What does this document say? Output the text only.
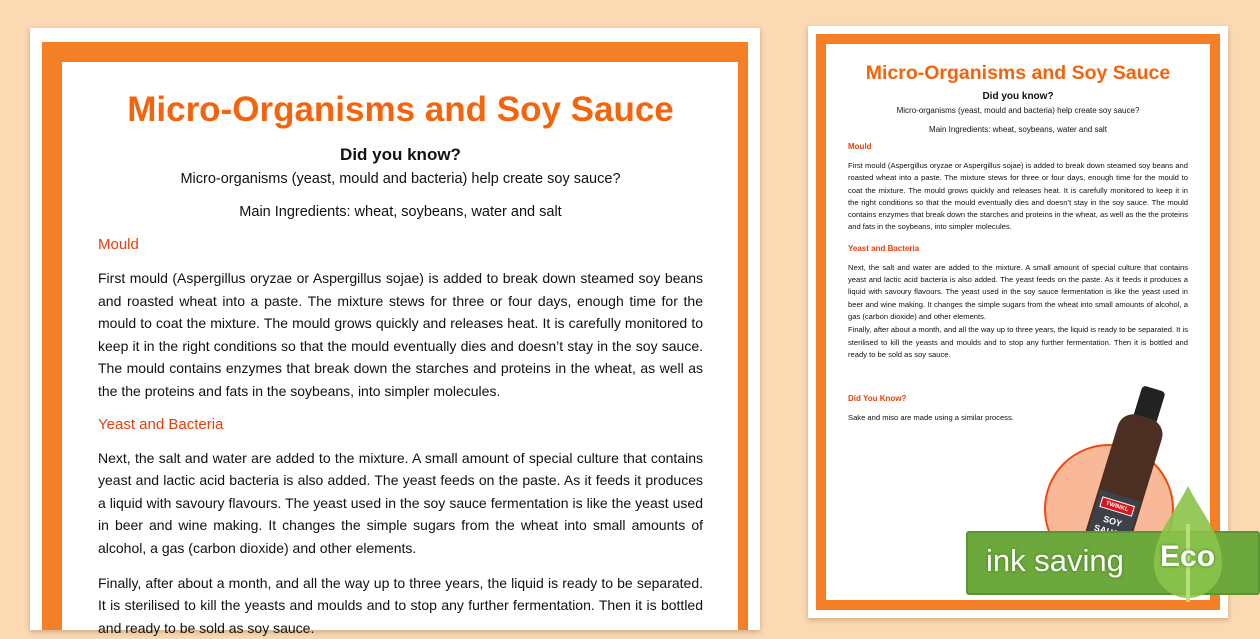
Micro-Organisms and Soy Sauce
Did you know?
Micro-organisms (yeast, mould and bacteria) help create soy sauce?
Main Ingredients: wheat, soybeans, water and salt
Mould
First mould (Aspergillus oryzae or Aspergillus sojae) is added to break down steamed soy beans and roasted wheat into a paste. The mixture stews for three or four days, enough time for the mould to coat the mixture. The mould grows quickly and releases heat. It is carefully monitored to keep it in the right conditions so that the mould eventually dies and doesn’t stay in the soy sauce. The mould contains enzymes that break down the starches and proteins in the wheat, as well as the the proteins and fats in the soybeans, into simpler molecules.
Yeast and Bacteria
Next, the salt and water are added to the mixture. A small amount of special culture that contains yeast and lactic acid bacteria is also added. The yeast feeds on the paste. As it feeds it produces a liquid with savoury flavours. The yeast used in the soy sauce fermentation is like the yeast used in beer and wine making. It changes the simple sugars from the wheat into small amounts of alcohol, a gas (carbon dioxide) and other elements.
Finally, after about a month, and all the way up to three years, the liquid is ready to be separated. It is sterilised to kill the yeasts and moulds and to stop any further fermentation. Then it is bottled and ready to be sold as soy sauce.
Micro-Organisms and Soy Sauce
Did you know?
Micro-organisms (yeast, mould and bacteria) help create soy sauce?
Main Ingredients: wheat, soybeans, water and salt
Mould
First mould (Aspergillus oryzae or Aspergillus sojae) is added to break down steamed soy beans and roasted wheat into a paste. The mixture stews for three or four days, enough time for the mould to coat the mixture. The mould grows quickly and releases heat. It is carefully monitored to keep it in the right conditions so that the mould eventually dies and doesn’t stay in the soy sauce. The mould contains enzymes that break down the starches and proteins in the wheat, as well as the the proteins and fats in the soybeans, into simpler molecules.
Yeast and Bacteria
Next, the salt and water are added to the mixture. A small amount of special culture that contains yeast and lactic acid bacteria is also added. The yeast feeds on the paste. As it feeds it produces a liquid with savoury flavours. The yeast used in the soy sauce fermentation is like the yeast used in beer and wine making. It changes the simple sugars from the wheat into small amounts of alcohol, a gas (carbon dioxide) and other elements.
Finally, after about a month, and all the way up to three years, the liquid is ready to be separated. It is sterilised to kill the yeasts and moulds and to stop any further fermentation. Then it is bottled and ready to be sold as soy sauce.
Did You Know?
Sake and miso are made using a similar process.
TWINKL
SOY
ink saving Eco
